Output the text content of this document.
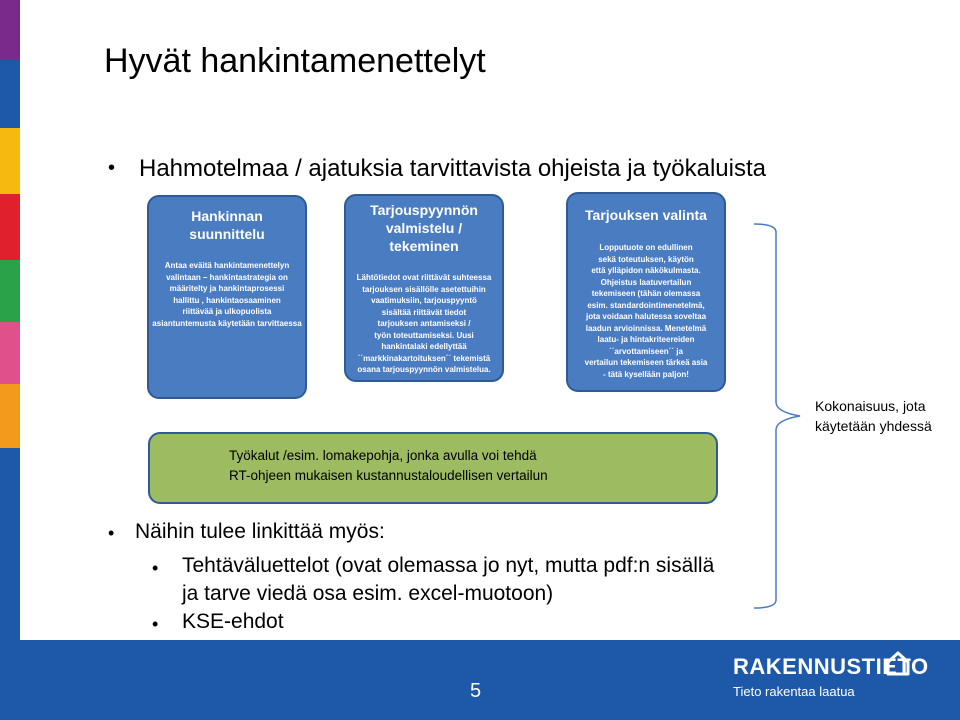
Hyvät hankintamenettelyt
• Hahmotelmaa / ajatuksia tarvittavista ohjeista ja työkaluista
Hankinnan
suunnittelu
Antaa eväitä hankintamenettelyn
valintaan – hankintastrategia on
määritelty ja hankintaprosessi
hallittu , hankintaosaaminen
riittävää ja ulkopuolista
asiantuntemusta käytetään tarvittaessa
Tarjouspyynnön
valmistelu /
tekeminen
Lähtötiedot ovat riittävät suhteessa
tarjouksen sisällölle asetettuihin
vaatimuksiin, tarjouspyyntö
sisältää riittävät tiedot
tarjouksen antamiseksi /
työn toteuttamiseksi. Uusi
hankintalaki edellyttää
´´markkinakartoituksen´´ tekemistä
osana tarjouspyynnön valmistelua.
Tarjouksen valinta
Lopputuote on edullinen
sekä toteutuksen, käytön
että ylläpidon näkökulmasta.
Ohjeistus laatuvertailun
tekemiseen (tähän olemassa
esim. standardointimenetelmä,
jota voidaan halutessa soveltaa
laadun arvioinnissa. Menetelmä
laatu- ja hintakriteereiden
´´arvottamiseen´´ ja
vertailun tekemiseen tärkeä asia
- tätä kysellään paljon!
Työkalut /esim. lomakepohja, jonka avulla voi tehdä
RT-ohjeen mukaisen kustannustaloudellisen vertailun
Kokonaisuus, jota
käytetään yhdessä
• Näihin tulee linkittää myös:
• Tehtäväluettelot (ovat olemassa jo nyt, mutta pdf:n sisällä
ja tarve viedä osa esim. excel-muotoon)
• KSE-ehdot
5
RAKENNUSTIETO
Tieto rakentaa laatua
